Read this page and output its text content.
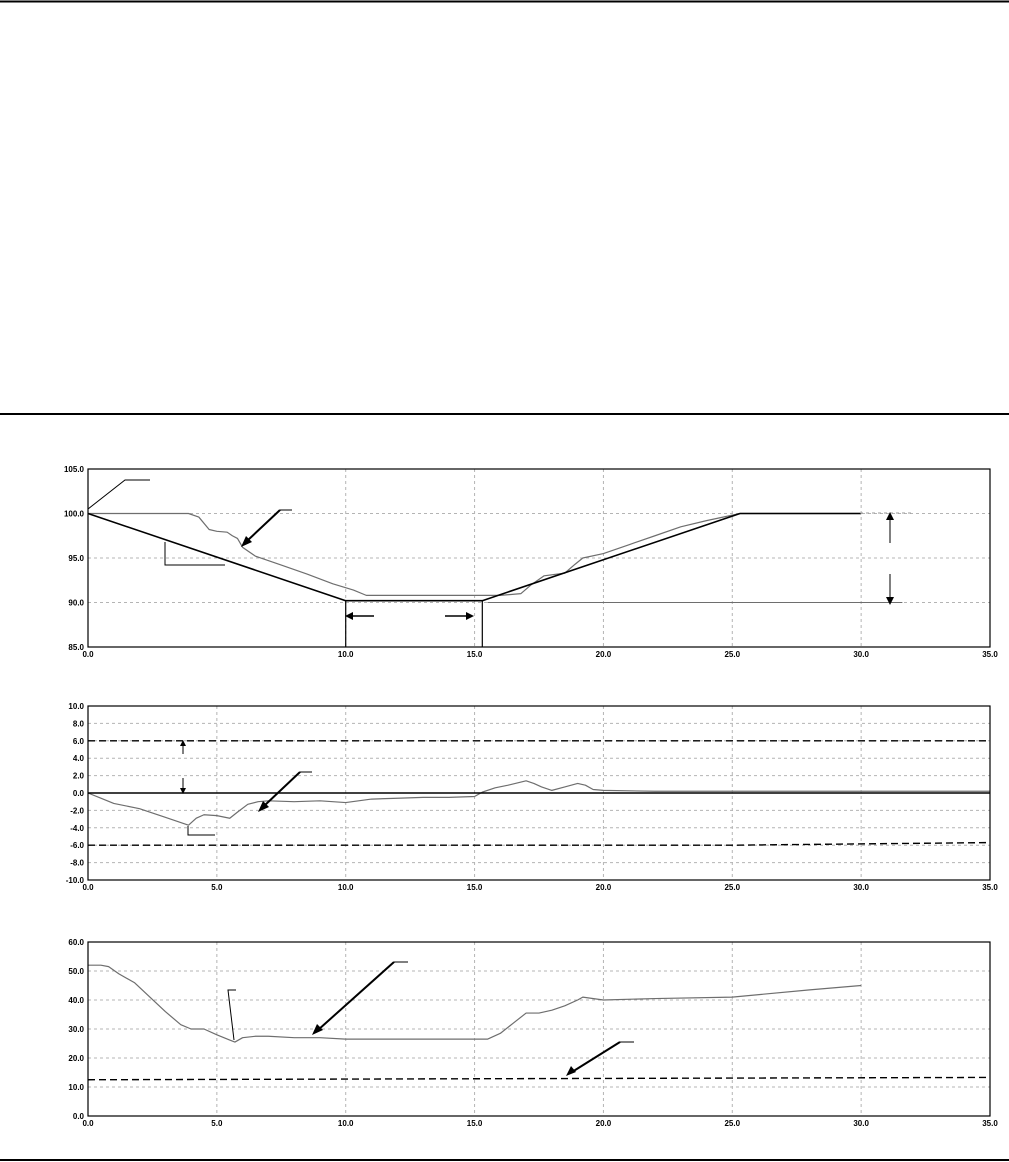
0.0	10.0	15.0	20.0	25.0	30.0	35.0
85.0
90.0
95.0
100.0
105.0
0.0	5.0	10.0	15.0	20.0	25.0	30.0	35.0
-10.0
-8.0
-6.0
-4.0
-2.0
0.0
2.0
4.0
6.0
8.0
10.0
0.0	5.0	10.0	15.0	20.0	25.0	30.0	35.0
0.0
10.0
20.0
30.0
40.0
50.0
60.0
